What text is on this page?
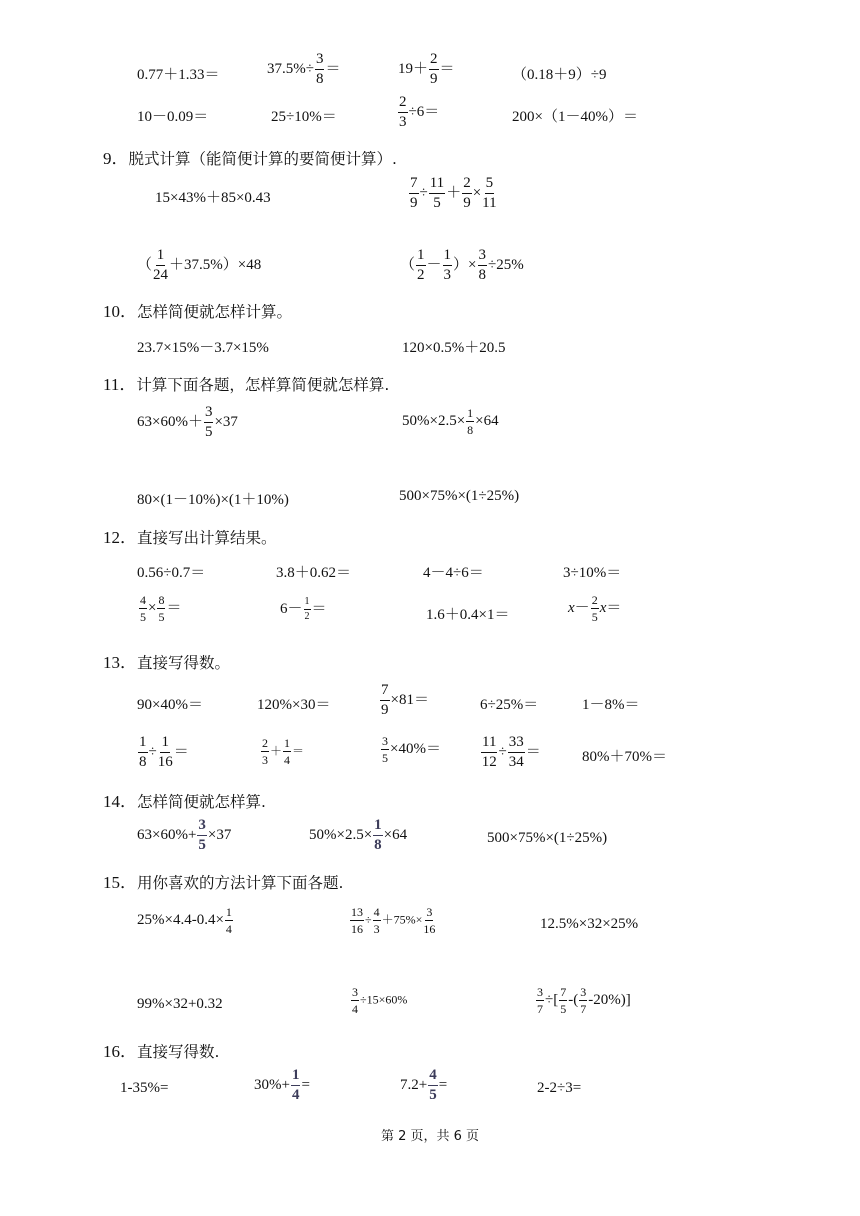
0.77＋1.33＝	$37.5\%\div \frac{3}{8}$ ＝	$19+ \frac{2}{9}$ ＝	（0.18＋9）÷9
10－0.09＝	25÷10%＝	$\frac{2}{3} \div 6=$	200×（1－40%）＝
9．脱式计算（能简便计算的要简便计算）.
15×43%＋85×0.43	$\frac{7}{9} \div \frac{11}{5} + \frac{2}{9} \times \frac{5}{11}$
（ $\frac{1}{24} +37.5\%)\times 48$	（ $\frac{1}{2} - \frac{1}{3}$ ）× $\frac{3}{8} \div 25\%$
10．怎样简便就怎样计算。
23.7×15%－3.7×15%	120×0.5%＋20.5
11．计算下面各题，怎样算简便就怎样算.
$63\times 60\%+ \frac{3}{5} \times 37$	$50\%\times 2.5\times \frac{1}{8} \times 64$
80×(1－10%)×(1＋10%)	500×75%×(1÷25%)
12．直接写出计算结果。
0.56÷0.7＝	3.8＋0.62＝	4－4÷6＝	3÷10%＝
$\frac{4}{5} \times \frac{8}{5}$ ＝	$6- \frac{1}{2}$ ＝	1.6＋0.4×1＝	$x- \frac{2}{5} x=$
13．直接写得数。
90×40%＝	120%×30＝	$\frac{7}{9} \times 81=$	6÷25%＝	1－8%＝
$\frac{1}{8} \div \frac{1}{16}$ ＝	$\frac{2}{3} + \frac{1}{4}$ ＝	$\frac{3}{5} \times 40\%=$	$\frac{11}{12} \div \frac{33}{34}$ ＝	80%＋70%＝
14．怎样简便就怎样算.
$63\times 60\%+ \frac{3}{5} \times 37$	$50\%\times 2.5\times \frac{1}{8} \times 64$	500×75%×(1÷25%)
15．用你喜欢的方法计算下面各题.
$25\%\times 4.4-0.4\times \frac{1}{4}$	$\frac{13}{16} \div \frac{4}{3} +75\%\times \frac{3}{16}$	12.5%×32×25%
99%×32+0.32	$\frac{3}{4} \div 15\times 60\%$	$\frac{3}{7}$ ÷[ $\frac{7}{5}$ -( $\frac{3}{7} -20\%$)]
16．直接写得数.
1-35%=	$30\%+ \frac{1}{4}$ =	$7.2+ \frac{4}{5}$ =	2-2÷3=
第 2 页，共 6 页
